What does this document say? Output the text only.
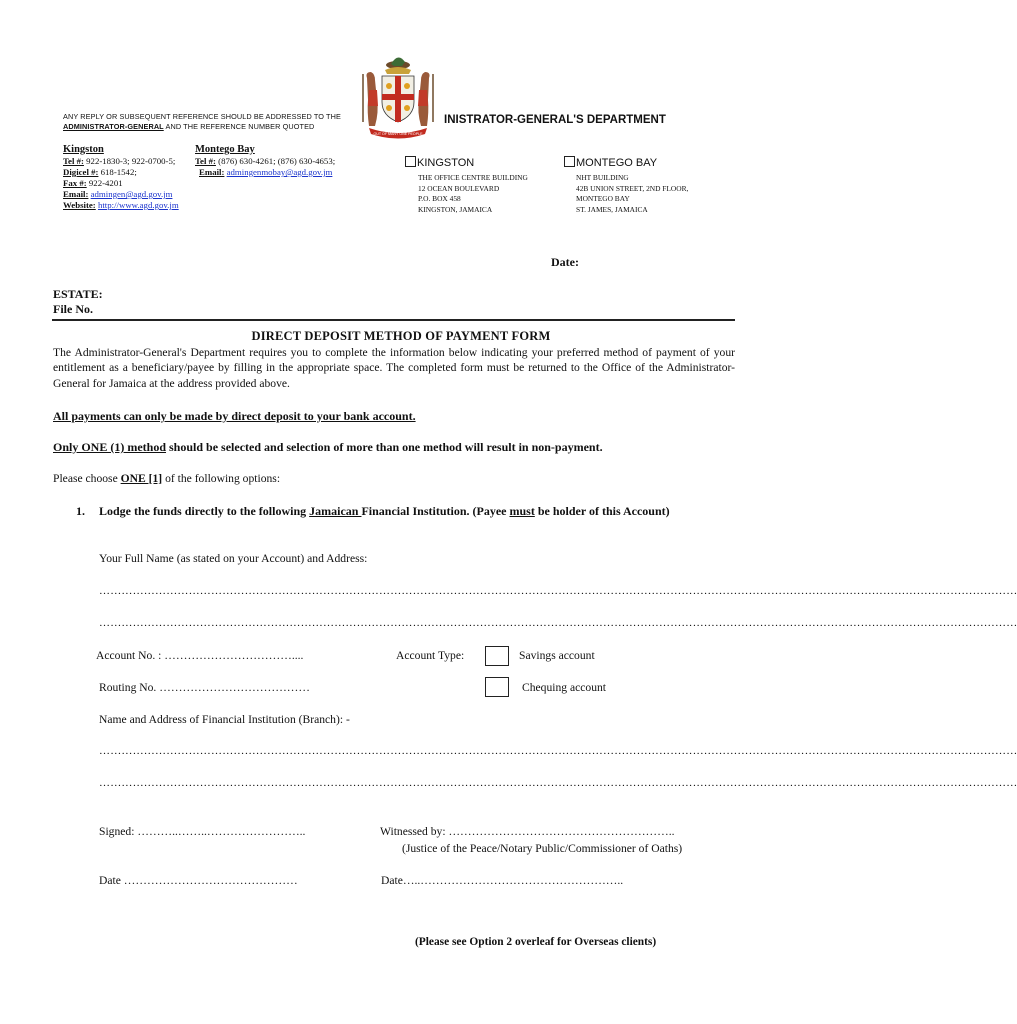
ANY REPLY OR SUBSEQUENT REFERENCE SHOULD BE ADDRESSED TO THE ADMINISTRATOR-GENERAL AND THE REFERENCE NUMBER QUOTED
OUT OF MANY ONE PEOPLE
INISTRATOR-GENERAL'S DEPARTMENT
Kingston
Tel #: 922-1830-3; 922-0700-5;
Digicel #: 618-1542;
Fax #: 922-4201
Email: admingen@agd.gov.jm
Website: http://www.agd.gov.jm
Montego Bay
Tel #: (876) 630-4261; (876) 630-4653;
Email: admingenmobay@agd.gov.jm
KINGSTON
THE OFFICE CENTRE BUILDING
12 OCEAN BOULEVARD
P.O. BOX 458
KINGSTON, JAMAICA
MONTEGO BAY
NHT BUILDING
42B UNION STREET, 2ND FLOOR,
MONTEGO BAY
ST. JAMES, JAMAICA
Date:
ESTATE:
File No.
DIRECT DEPOSIT METHOD OF PAYMENT FORM
The Administrator-General's Department requires you to complete the information below indicating your preferred method of payment of your entitlement as a beneficiary/payee by filling in the appropriate space. The completed form must be returned to the Office of the Administrator-General for Jamaica at the address provided above.
All payments can only be made by direct deposit to your bank account.
Only ONE (1) method should be selected and selection of more than one method will result in non-payment.
Please choose ONE [1] of the following options:
1. Lodge the funds directly to the following Jamaican Financial Institution. (Payee must be holder of this Account)
Your Full Name (as stated on your Account) and Address:
…………………………………………………………………………………………………………………………………………………………………………………………………………………………
…………………………………………………………………………………………………………………………………………………………………………………………………………………………
Account No. : ……………………………....	Account Type:	Savings account
Routing No. …………………………………	Chequing account
Name and Address of Financial Institution (Branch): -
…………………………………………………………………………………………………………………………………………………………………………………………………………………………
…………………………………………………………………………………………………………………………………………………………………………………………………………………………
Signed: ………..……..……………………..	Witnessed by: …………………………………………………..
(Justice of the Peace/Notary Public/Commissioner of Oaths)
Date ………………………………………	Date…..……………………………………………..
(Please see Option 2 overleaf for Overseas clients)
